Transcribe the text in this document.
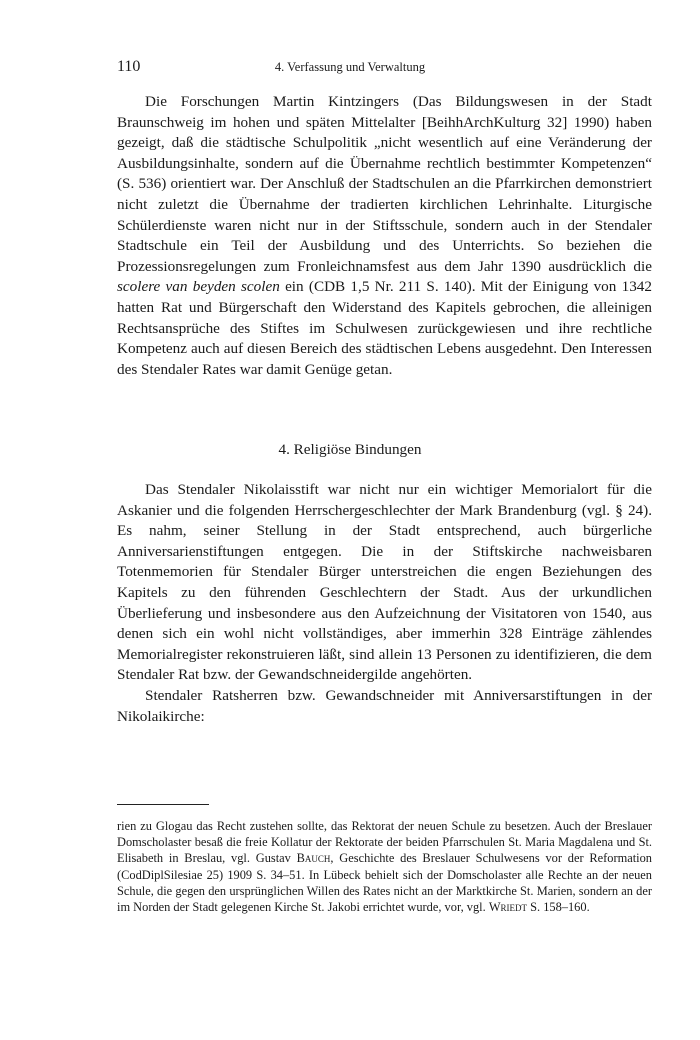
110	4. Verfassung und Verwaltung

Die Forschungen Martin Kintzingers (Das Bildungswesen in der Stadt Braunschweig im hohen und späten Mittelalter [BeihhArchKulturg 32] 1990) haben gezeigt, daß die städtische Schulpolitik „nicht wesentlich auf eine Veränderung der Ausbildungsinhalte, sondern auf die Übernahme rechtlich bestimmter Kompetenzen“ (S. 536) orientiert war. Der Anschluß der Stadtschulen an die Pfarrkirchen demonstriert nicht zuletzt die Übernahme der tradierten kirchlichen Lehrinhalte. Liturgische Schülerdienste waren nicht nur in der Stiftsschule, sondern auch in der Stendaler Stadtschule ein Teil der Ausbildung und des Unterrichts. So beziehen die Prozessionsregelungen zum Fronleichnamsfest aus dem Jahr 1390 ausdrücklich die scolere van beyden scolen ein (CDB 1,5 Nr. 211 S. 140). Mit der Einigung von 1342 hatten Rat und Bürgerschaft den Widerstand des Kapitels gebrochen, die alleinigen Rechtsansprüche des Stiftes im Schulwesen zurückgewiesen und ihre rechtliche Kompetenz auch auf diesen Bereich des städtischen Lebens ausgedehnt. Den Interessen des Stendaler Rates war damit Genüge getan.

4. Religiöse Bindungen

Das Stendaler Nikolaisstift war nicht nur ein wichtiger Memorialort für die Askanier und die folgenden Herrschergeschlechter der Mark Brandenburg (vgl. § 24). Es nahm, seiner Stellung in der Stadt entsprechend, auch bürgerliche Anniversarienstiftungen entgegen. Die in der Stiftskirche nachweisbaren Totenmemorien für Stendaler Bürger unterstreichen die engen Beziehungen des Kapitels zu den führenden Geschlechtern der Stadt. Aus der urkundlichen Überlieferung und insbesondere aus den Aufzeichnung der Visitatoren von 1540, aus denen sich ein wohl nicht vollständiges, aber immerhin 328 Einträge zählendes Memorialregister rekonstruieren läßt, sind allein 13 Personen zu identifizieren, die dem Stendaler Rat bzw. der Gewandschneidergilde angehörten.

Stendaler Ratsherren bzw. Gewandschneider mit Anniversarstiftungen in der Nikolaikirche:

rien zu Glogau das Recht zustehen sollte, das Rektorat der neuen Schule zu besetzen. Auch der Breslauer Domscholaster besaß die freie Kollatur der Rektorate der beiden Pfarrschulen St. Maria Magdalena und St. Elisabeth in Breslau, vgl. Gustav Bauch, Geschichte des Breslauer Schulwesens vor der Reformation (CodDiplSilesiae 25) 1909 S. 34–51. In Lübeck behielt sich der Domscholaster alle Rechte an der neuen Schule, die gegen den ursprünglichen Willen des Rates nicht an der Marktkirche St. Marien, sondern an der im Norden der Stadt gelegenen Kirche St. Jakobi errichtet wurde, vor, vgl. Wriedt S. 158–160.
